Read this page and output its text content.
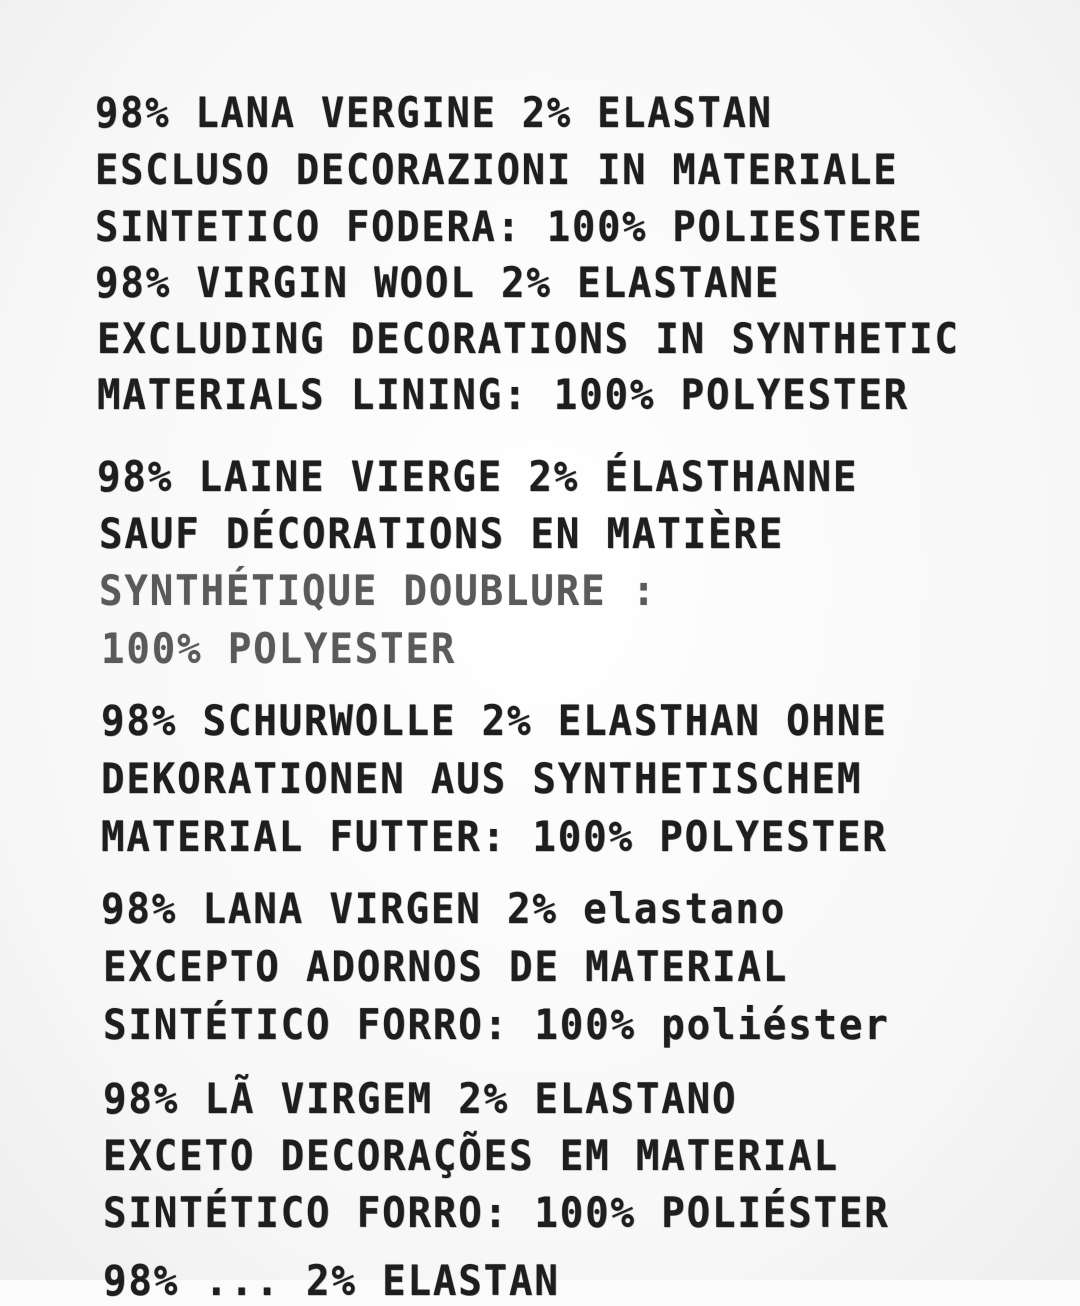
98% LANA VERGINE 2% ELASTAN
ESCLUSO DECORAZIONI IN MATERIALE
SINTETICO FODERA: 100% POLIESTERE
98% VIRGIN WOOL 2% ELASTANE
EXCLUDING DECORATIONS IN SYNTHETIC
MATERIALS LINING: 100% POLYESTER
98% LAINE VIERGE 2% ÉLASTHANNE
SAUF DÉCORATIONS EN MATIÈRE
SYNTHÉTIQUE DOUBLURE :
100% POLYESTER
98% SCHURWOLLE 2% ELASTHAN OHNE
DEKORATIONEN AUS SYNTHETISCHEM
MATERIAL FUTTER: 100% POLYESTER
98% LANA VIRGEN 2% elastano
EXCEPTO ADORNOS DE MATERIAL
SINTÉTICO FORRO: 100% poliéster
98% LÃ VIRGEM 2% ELASTANO
EXCETO DECORAÇÕES EM MATERIAL
SINTÉTICO FORRO: 100% POLIÉSTER
98% ... 2% ELASTAN
